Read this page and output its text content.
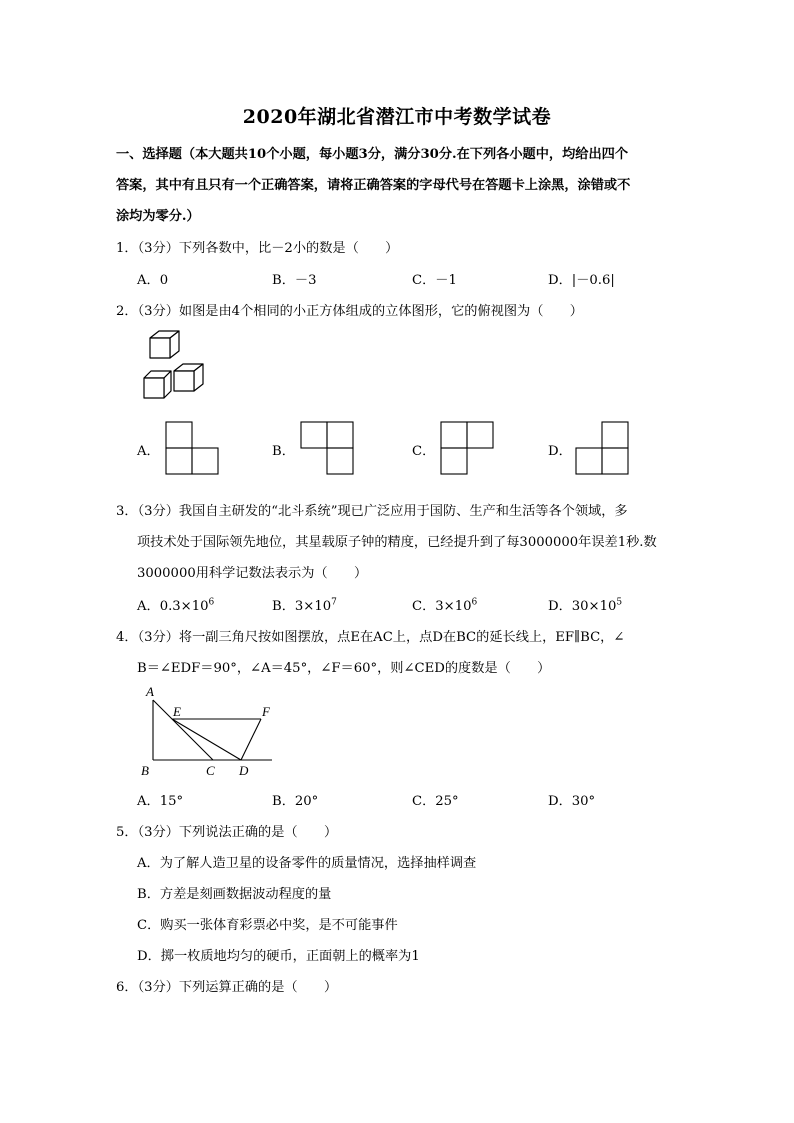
2020年湖北省潜江市中考数学试卷
一、选择题（本大题共10个小题，每小题3分，满分30分.在下列各小题中，均给出四个
答案，其中有且只有一个正确答案，请将正确答案的字母代号在答题卡上涂黑，涂错或不
涂均为零分.）
1．（3分）下列各数中，比－2小的数是（　　）
A．0	B．－3	C．－1	D．|－0.6|
2．（3分）如图是由4个相同的小正方体组成的立体图形，它的俯视图为（　　）
A．	B．	C．	D．
3．（3分）我国自主研发的“北斗系统”现已广泛应用于国防、生产和生活等各个领域，多
项技术处于国际领先地位，其星载原子钟的精度，已经提升到了每3000000年误差1秒.数
3000000用科学记数法表示为（　　）
A．$0.3\times 10^6$	B．$3\times 10^7$	C．$3\times 10^6$	D．$30\times 10^5$
4．（3分）将一副三角尺按如图摆放，点E在AC上，点D在BC的延长线上，EF∥BC，∠
B＝∠EDF＝90°，∠A＝45°，∠F＝60°，则∠CED的度数是（　　）
A
E	F
B	C D
A．15°	B．20°	C．25°	D．30°
5．（3分）下列说法正确的是（　　）
A．为了解人造卫星的设备零件的质量情况，选择抽样调查
B．方差是刻画数据波动程度的量
C．购买一张体育彩票必中奖，是不可能事件
D．掷一枚质地均匀的硬币，正面朝上的概率为1
6．（3分）下列运算正确的是（　　）
